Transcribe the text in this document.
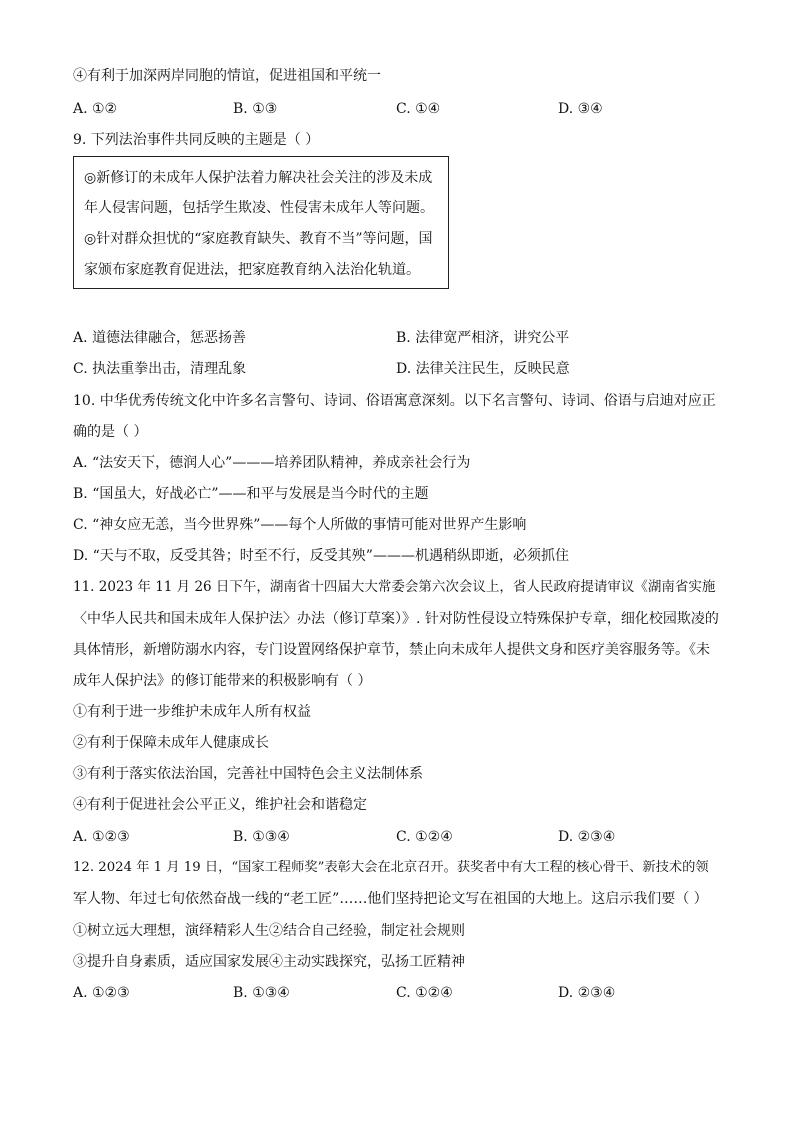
④有利于加深两岸同胞的情谊，促进祖国和平统一
A. ①②	B. ①③	C. ①④	D. ③④
9. 下列法治事件共同反映的主题是（ ）
◎新修订的未成年人保护法着力解决社会关注的涉及未成
年人侵害问题，包括学生欺凌、性侵害未成年人等问题。
◎针对群众担忧的“家庭教育缺失、教育不当”等问题，国
家颁布家庭教育促进法，把家庭教育纳入法治化轨道。
A. 道德法律融合，惩恶扬善	B. 法律宽严相济，讲究公平
C. 执法重拳出击，清理乱象	D. 法律关注民生，反映民意
10. 中华优秀传统文化中许多名言警句、诗词、俗语寓意深刻。以下名言警句、诗词、俗语与启迪对应正
确的是（ ）
A. “法安天下，德润人心”———培养团队精神，养成亲社会行为
B. “国虽大，好战必亡”——和平与发展是当今时代的主题
C. “神女应无恙，当今世界殊”——每个人所做的事情可能对世界产生影响
D. “天与不取，反受其咎；时至不行，反受其殃”———机遇稍纵即逝，必须抓住
11. 2023 年 11 月 26 日下午，湖南省十四届大大常委会第六次会议上，省人民政府提请审议《湖南省实施
〈中华人民共和国未成年人保护法〉办法（修订草案）》. 针对防性侵设立特殊保护专章，细化校园欺凌的
具体情形，新增防溺水内容，专门设置网络保护章节，禁止向未成年人提供文身和医疗美容服务等。《未
成年人保护法》的修订能带来的积极影响有（ ）
①有利于进一步维护未成年人所有权益
②有利于保障未成年人健康成长
③有利于落实依法治国，完善社中国特色会主义法制体系
④有利于促进社会公平正义，维护社会和谐稳定
A. ①②③	B. ①③④	C. ①②④	D. ②③④
12. 2024 年 1 月 19 日，“国家工程师奖”表彰大会在北京召开。获奖者中有大工程的核心骨干、新技术的领
军人物、年过七旬依然奋战一线的“老工匠”……他们坚持把论文写在祖国的大地上。这启示我们要（ ）
①树立远大理想，演绎精彩人生②结合自己经验，制定社会规则
③提升自身素质，适应国家发展④主动实践探究，弘扬工匠精神
A. ①②③	B. ①③④	C. ①②④	D. ②③④
